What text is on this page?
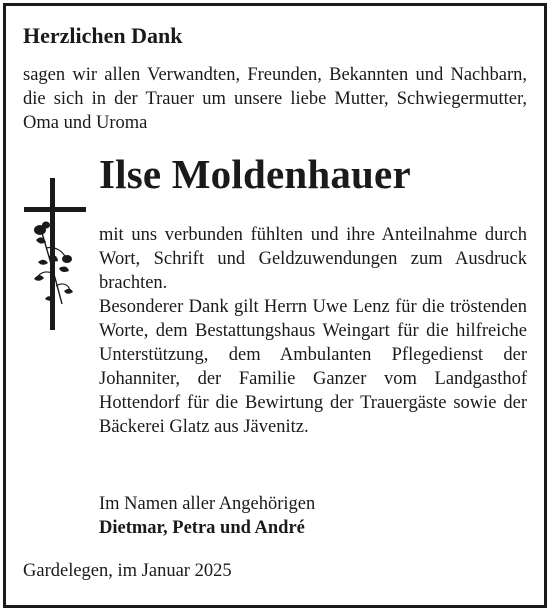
Herzlichen Dank

sagen wir allen Verwandten, Freunden, Bekannten und Nachbarn, die sich in der Trauer um unsere liebe Mutter, Schwiegermutter, Oma und Uroma

Ilse Moldenhauer

mit uns verbunden fühlten und ihre Anteilnahme durch Wort, Schrift und Geldzuwendungen zum Ausdruck brachten.

Besonderer Dank gilt Herrn Uwe Lenz für die tröstenden Worte, dem Bestattungshaus Weingart für die hilfreiche Unterstützung, dem Ambulanten Pflegedienst der Johanniter, der Familie Ganzer vom Landgasthof Hottendorf für die Bewirtung der Trauergäste sowie der Bäckerei Glatz aus Jävenitz.

Im Namen aller Angehörigen
Dietmar, Petra und André

Gardelegen, im Januar 2025
